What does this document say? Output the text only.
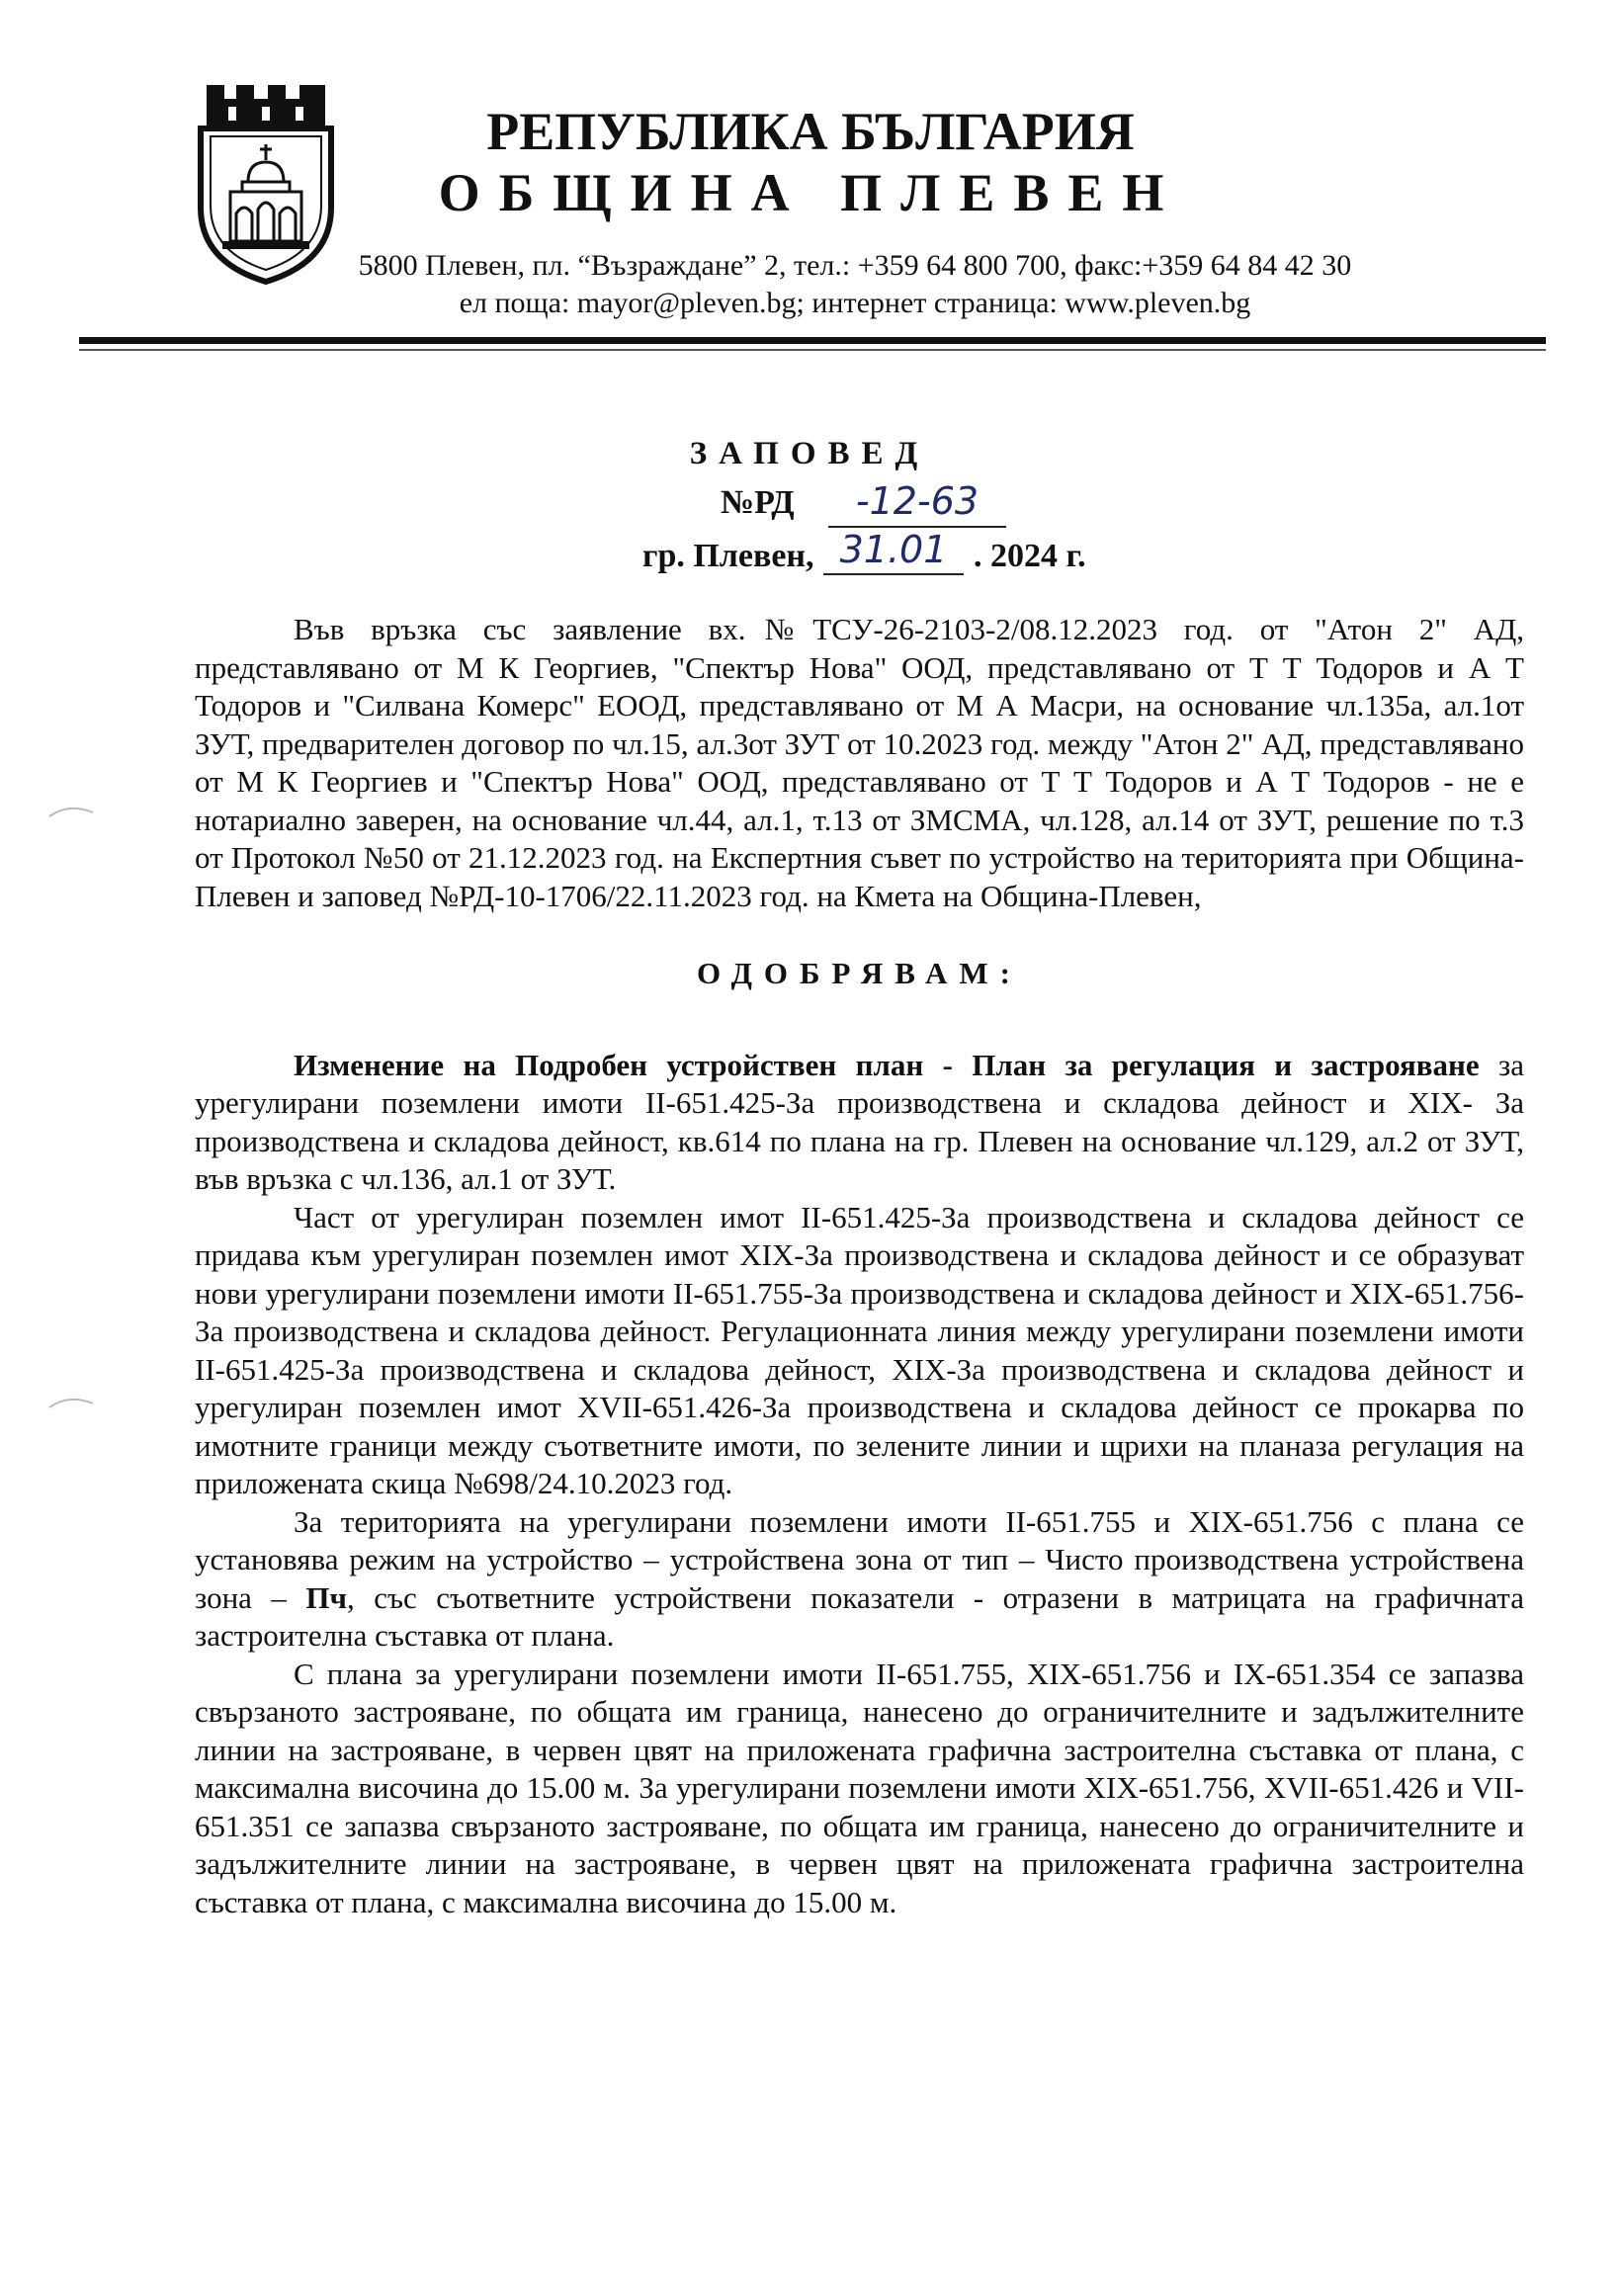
РЕПУБЛИКА БЪЛГАРИЯ
ОБЩИНА ПЛЕВЕН
5800 Плевен, пл. “Възраждане” 2, тел.: +359 64 800 700, факс:+359 64 84 42 30
ел поща: mayor@pleven.bg; интернет страница: www.pleven.bg
ЗАПОВЕД
№РД	-12-63
гр. Плевен, 31.01 . 2024 г.

Във връзка със заявление вх.№ТСУ-26-2103-2/08.12.2023 год. от "Атон 2" АД, представлявано от М К Георгиев, "Спектър Нова" ООД, представлявано от Т Т Тодоров и А Т Тодоров и "Силвана Комерс" ЕООД, представлявано от М А Масри, на основание чл.135а, ал.1от ЗУТ, предварителен договор по чл.15, ал.3от ЗУТ от 10.2023 год. между "Атон 2" АД, представлявано от М К Георгиев и "Спектър Нова" ООД, представлявано от Т Т Тодоров и А Т Тодоров - не е нотариално заверен, на основание чл.44, ал.1, т.13 от ЗМСМА, чл.128, ал.14 от ЗУТ, решение по т.3 от Протокол №50 от 21.12.2023 год. на Експертния съвет по устройство на територията при Община-Плевен и заповед №РД-10-1706/22.11.2023 год. на Кмета на Община-Плевен,

ОДОБРЯВАМ:

Изменение на Подробен устройствен план - План за регулация и застрояване за урегулирани поземлени имоти II-651.425-За производствена и складова дейност и XIX- За производствена и складова дейност, кв.614 по плана на гр. Плевен на основание чл.129, ал.2 от ЗУТ, във връзка с чл.136, ал.1 от ЗУТ.

Част от урегулиран поземлен имот II-651.425-За производствена и складова дейност се придава към урегулиран поземлен имот XIX-За производствена и складова дейност и се образуват нови урегулирани поземлени имоти II-651.755-За производствена и складова дейност и XIX-651.756-За производствена и складова дейност. Регулационната линия между урегулирани поземлени имоти II-651.425-За производствена и складова дейност, XIX-За производствена и складова дейност и урегулиран поземлен имот XVII-651.426-За производствена и складова дейност се прокарва по имотните граници между съответните имоти, по зелените линии и щрихи на планаза регулация на приложената скица №698/24.10.2023 год.

За територията на урегулирани поземлени имоти II-651.755 и XIX-651.756 с плана се установява режим на устройство – устройствена зона от тип – Чисто производствена устройствена зона – Пч, със съответните устройствени показатели - отразени в матрицата на графичната застроителна съставка от плана.

С плана за урегулирани поземлени имоти II-651.755, XIX-651.756 и IX-651.354 се запазва свързаното застрояване, по общата им граница, нанесено до ограничителните и задължителните линии на застрояване, в червен цвят на приложената графична застроителна съставка от плана, с максимална височина до 15.00 м. За урегулирани поземлени имоти XIX-651.756, XVII-651.426 и VII-651.351 се запазва свързаното застрояване, по общата им граница, нанесено до ограничителните и задължителните линии на застрояване, в червен цвят на приложената графична застроителна съставка от плана, с максимална височина до 15.00 м.
